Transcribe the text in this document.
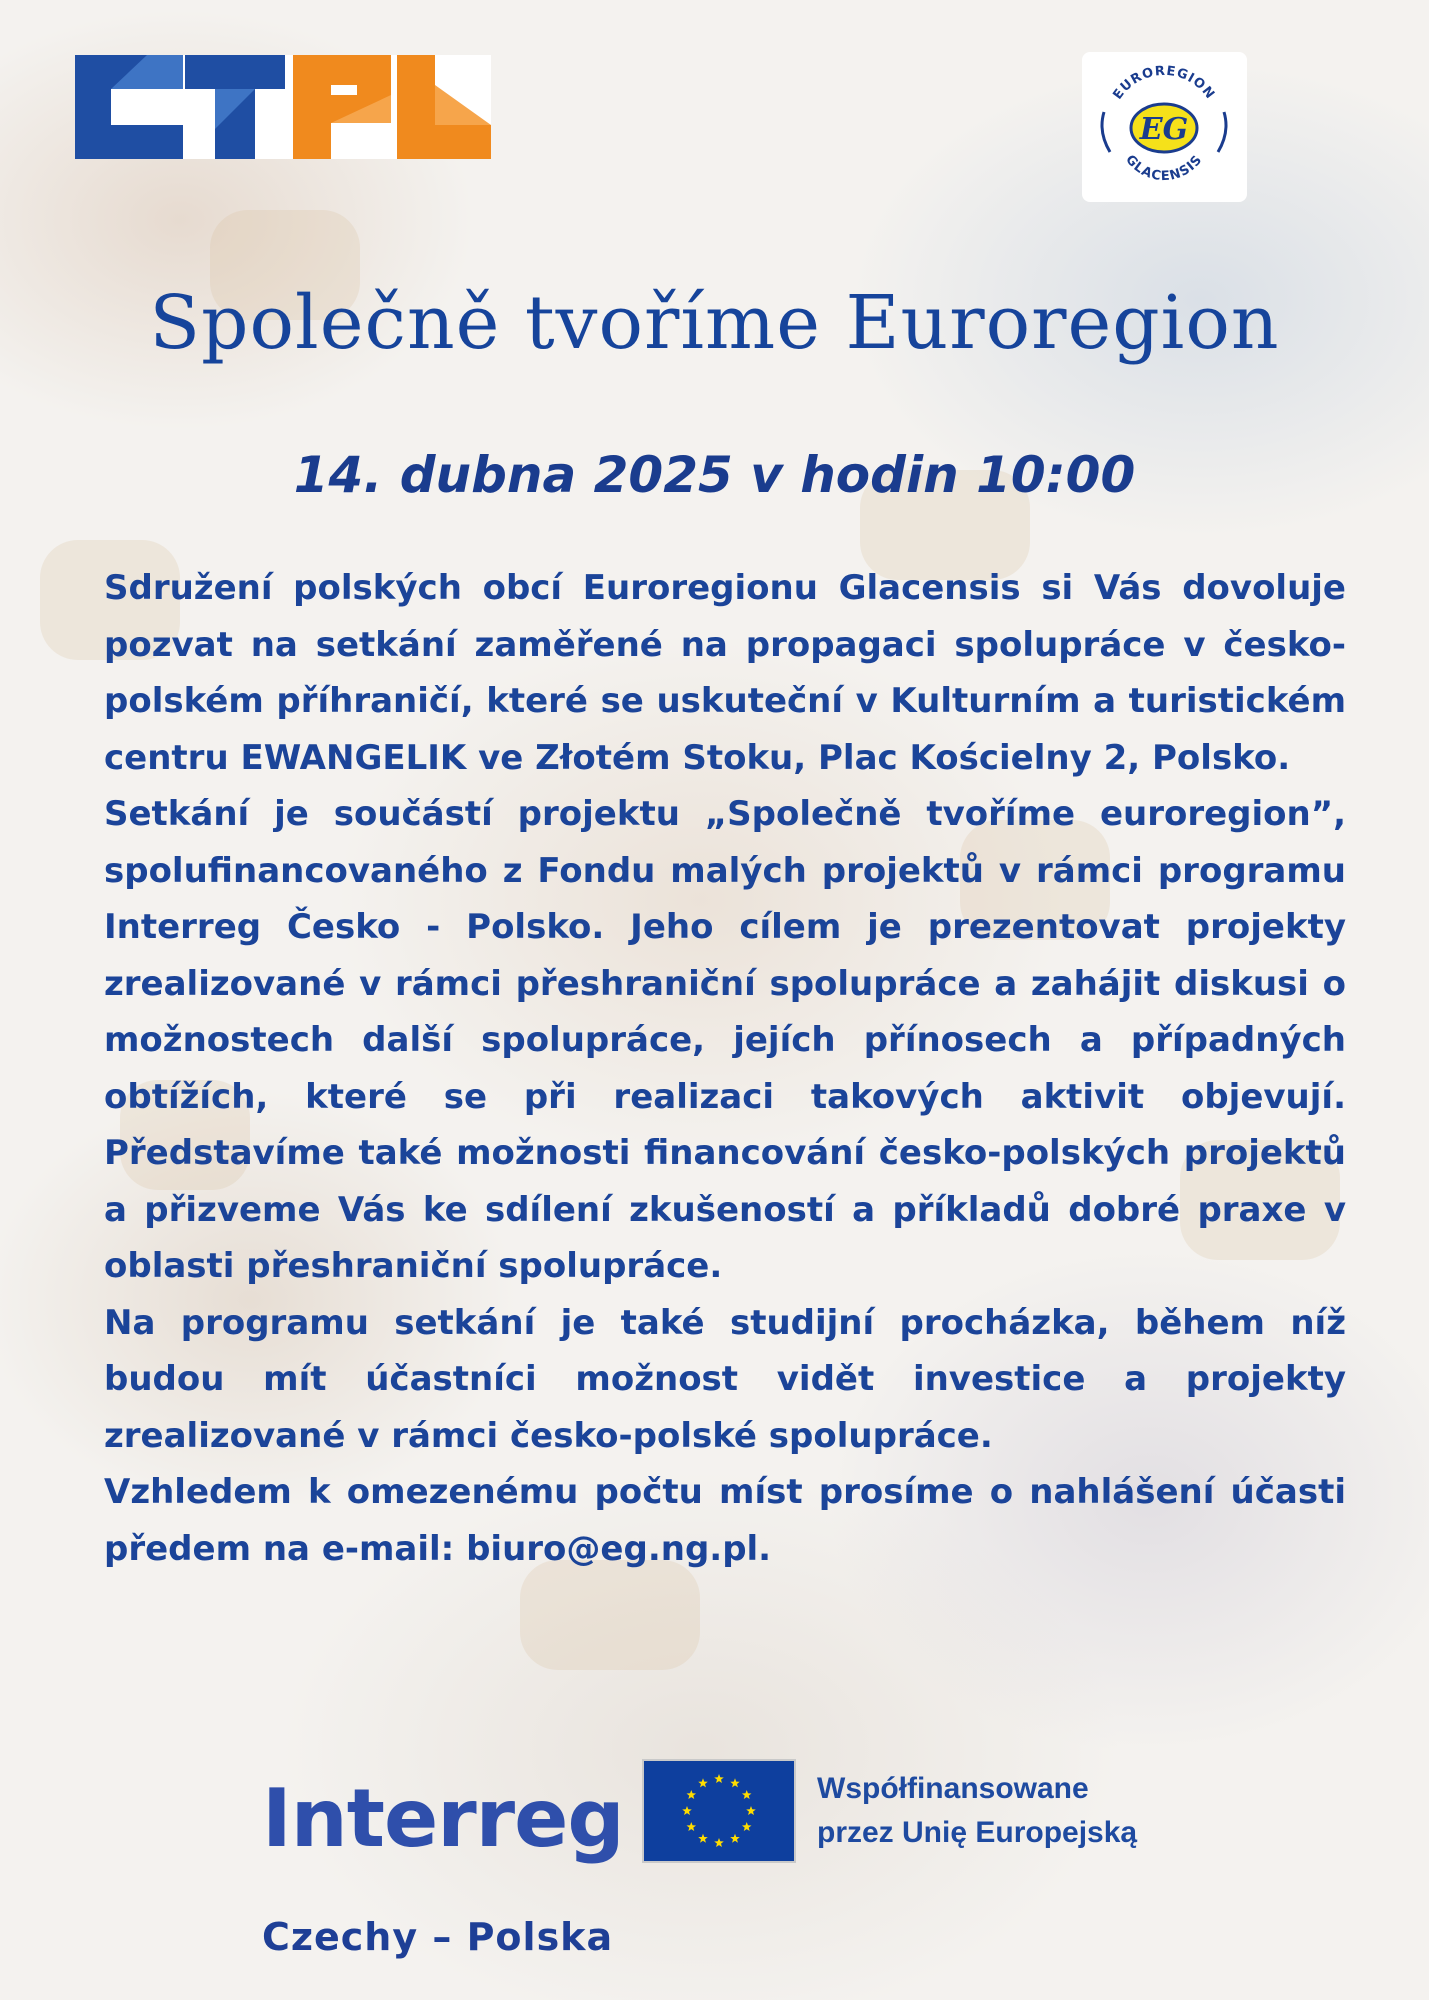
EUROREGION
GLACENSIS
EG
Společně tvoříme Euroregion
14. dubna 2025 v hodin 10:00

Sdružení polských obcí Euroregionu Glacensis si Vás dovoluje pozvat na setkání zaměřené na propagaci spolupráce v česko-polském příhraničí, které se uskuteční v Kulturním a turistickém centru EWANGELIK ve Złotém Stoku, Plac Kościelny 2, Polsko.

Setkání je součástí projektu „Společně tvoříme euroregion”, spolufinancovaného z Fondu malých projektů v rámci programu Interreg Česko - Polsko. Jeho cílem je prezentovat projekty zrealizované v rámci přeshraniční spolupráce a zahájit diskusi o možnostech další spolupráce, jejích přínosech a případných obtížích, které se při realizaci takových aktivit objevují. Představíme také možnosti financování česko-polských projektů a přizveme Vás ke sdílení zkušeností a příkladů dobré praxe v oblasti přeshraniční spolupráce.

Na programu setkání je také studijní procházka, během níž budou mít účastníci možnost vidět investice a projekty zrealizované v rámci česko-polské spolupráce.

Vzhledem k omezenému počtu míst prosíme o nahlášení účasti předem na e-mail: biuro@eg.ng.pl.

Interreg	Współfinansowane
przez Unię Europejską
Czechy – Polska
